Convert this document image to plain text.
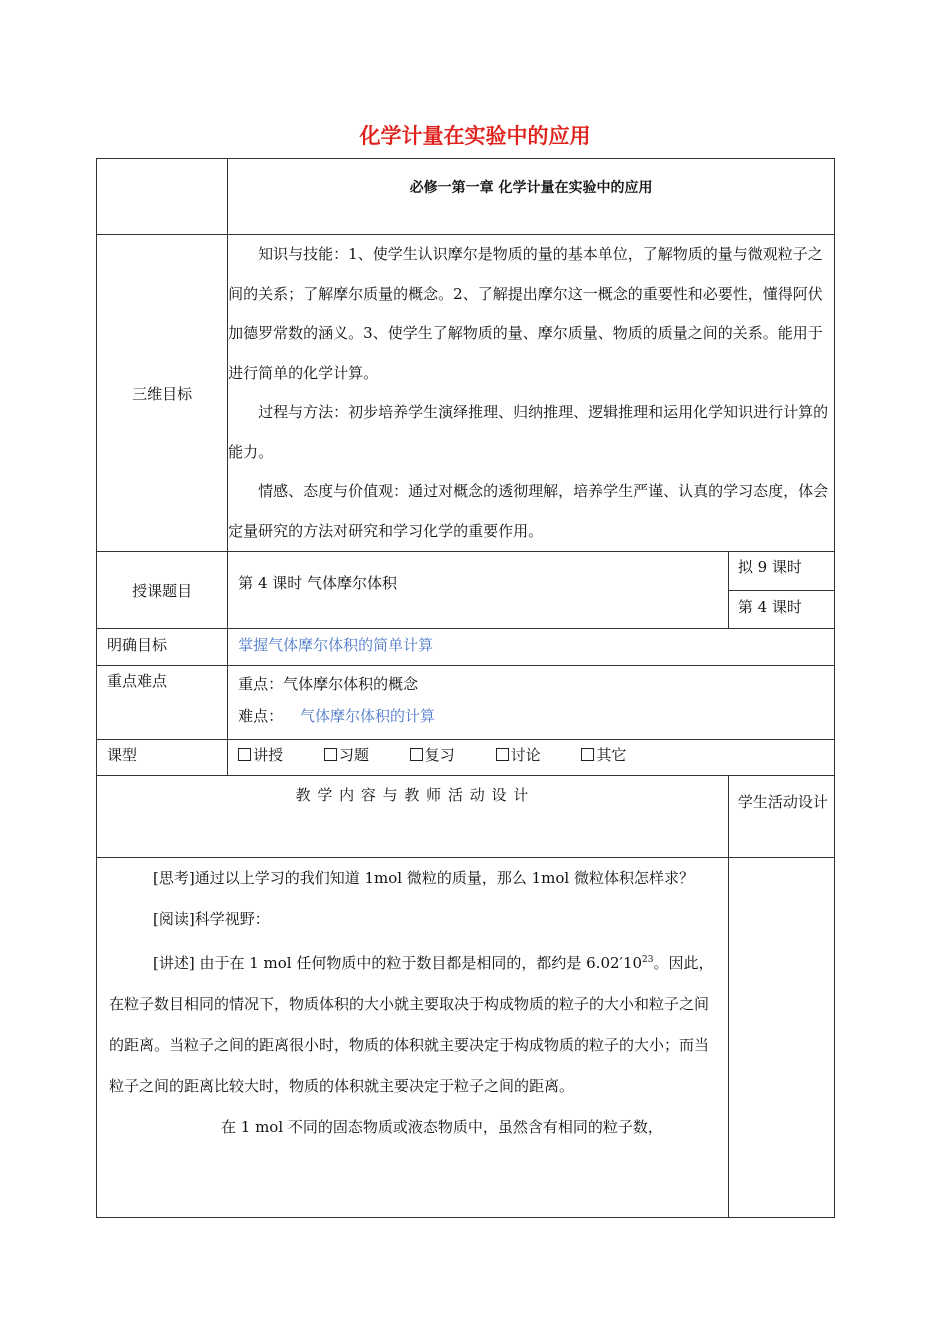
化学计量在实验中的应用
	必修一第一章 化学计量在实验中的应用	
三维目标	知识与技能：1、使学生认识摩尔是物质的量的基本单位，了解物质的量与微观粒子之间的关系；了解摩尔质量的概念。2、了解提出摩尔这一概念的重要性和必要性，懂得阿伏加德罗常数的涵义。3、使学生了解物质的量、摩尔质量、物质的质量之间的关系。能用于进行简单的化学计算。

过程与方法：初步培养学生演绎推理、归纳推理、逻辑推理和运用化学知识进行计算的能力。

情感、态度与价值观：通过对概念的透彻理解，培养学生严谨、认真的学习态度，体会定量研究的方法对研究和学习化学的重要作用。	

授课题目	第 4 课时 气体摩尔体积	拟 9 课时
		第 4 课时
明确目标	掌握气体摩尔体积的简单计算	
重点难点	重点：气体摩尔体积的概念
难点： 气体摩尔体积的计算	

课型	讲授 习题 复习 讨论 其它	
教 学 内 容 与 教 师 活 动 设 计		学生活动设计

[思考]通过以上学习的我们知道 1mol 微粒的质量，那么 1mol 微粒体积怎样求？

[阅读]科学视野：

[讲述] 由于在 1 mol 任何物质中的粒于数目都是相同的，都约是 $6.02'10^{23}$。因此，在粒子数目相同的情况下，物质体积的大小就主要取决于构成物质的粒子的大小和粒子之间的距离。当粒子之间的距离很小时，物质的体积就主要决定于构成物质的粒子的大小；而当粒子之间的距离比较大时，物质的体积就主要决定于粒子之间的距离。

在 1 mol 不同的固态物质或液态物质中，虽然含有相同的粒子数，		
